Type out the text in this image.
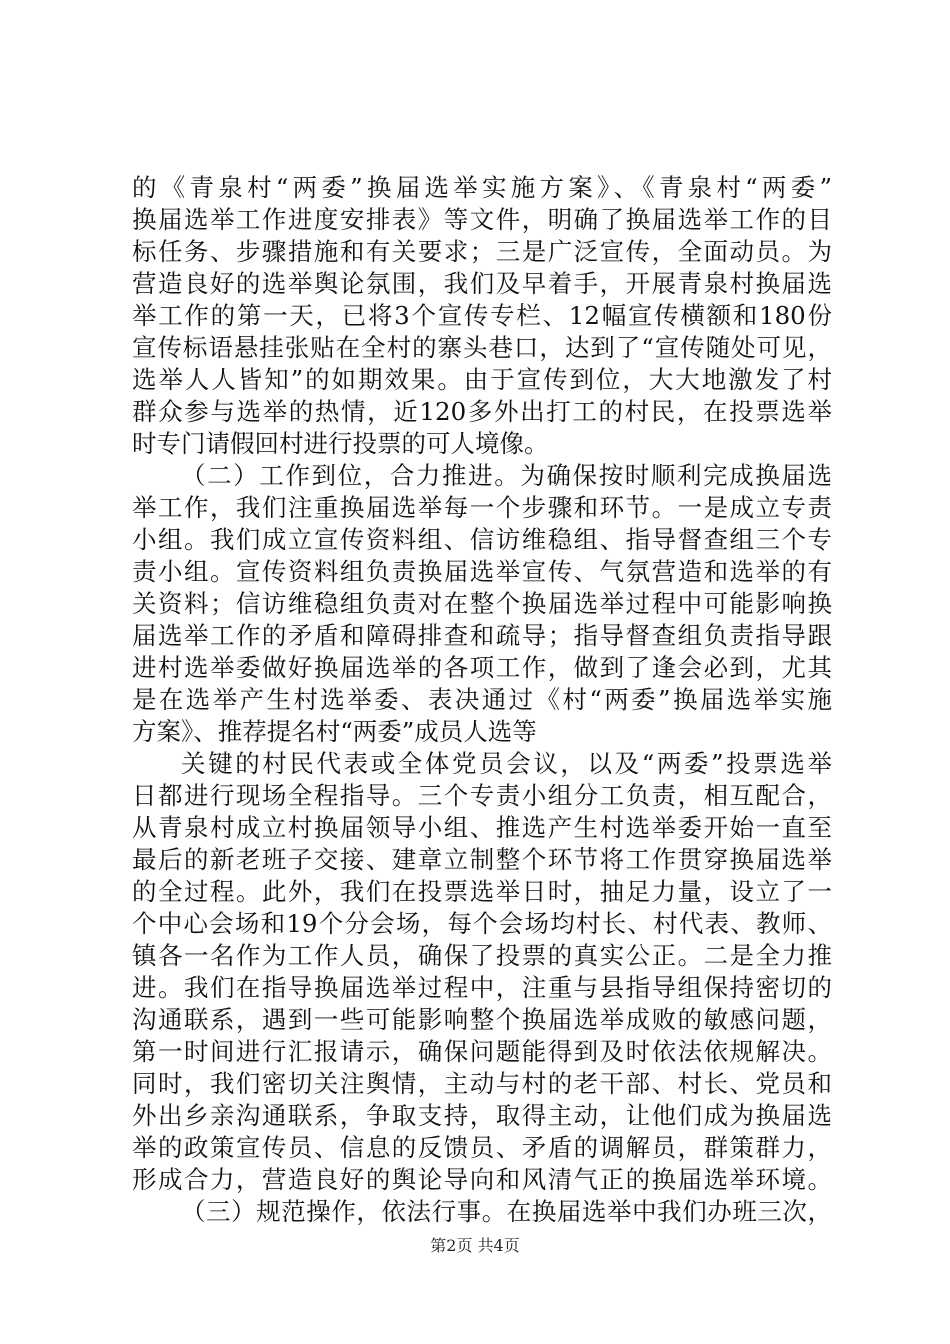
的《青泉村“两委”换届选举实施方案》、《青泉村“两委”
换届选举工作进度安排表》等文件，明确了换届选举工作的目
标任务、步骤措施和有关要求；三是广泛宣传，全面动员。为
营造良好的选举舆论氛围，我们及早着手，开展青泉村换届选
举工作的第一天，已将3个宣传专栏、12幅宣传横额和180份
宣传标语悬挂张贴在全村的寨头巷口，达到了“宣传随处可见，
选举人人皆知”的如期效果。由于宣传到位，大大地激发了村
群众参与选举的热情，近120多外出打工的村民，在投票选举
时专门请假回村进行投票的可人境像。
（二）工作到位，合力推进。为确保按时顺利完成换届选
举工作，我们注重换届选举每一个步骤和环节。一是成立专责
小组。我们成立宣传资料组、信访维稳组、指导督查组三个专
责小组。宣传资料组负责换届选举宣传、气氛营造和选举的有
关资料；信访维稳组负责对在整个换届选举过程中可能影响换
届选举工作的矛盾和障碍排查和疏导；指导督查组负责指导跟
进村选举委做好换届选举的各项工作，做到了逢会必到，尤其
是在选举产生村选举委、表决通过《村“两委”换届选举实施
方案》、推荐提名村“两委”成员人选等
关键的村民代表或全体党员会议，以及“两委”投票选举
日都进行现场全程指导。三个专责小组分工负责，相互配合，
从青泉村成立村换届领导小组、推选产生村选举委开始一直至
最后的新老班子交接、建章立制整个环节将工作贯穿换届选举
的全过程。此外，我们在投票选举日时，抽足力量，设立了一
个中心会场和19个分会场，每个会场均村长、村代表、教师、
镇各一名作为工作人员，确保了投票的真实公正。二是全力推
进。我们在指导换届选举过程中，注重与县指导组保持密切的
沟通联系，遇到一些可能影响整个换届选举成败的敏感问题，
第一时间进行汇报请示，确保问题能得到及时依法依规解决。
同时，我们密切关注舆情，主动与村的老干部、村长、党员和
外出乡亲沟通联系，争取支持，取得主动，让他们成为换届选
举的政策宣传员、信息的反馈员、矛盾的调解员，群策群力，
形成合力，营造良好的舆论导向和风清气正的换届选举环境。
（三）规范操作，依法行事。在换届选举中我们办班三次，
第2页 共4页
